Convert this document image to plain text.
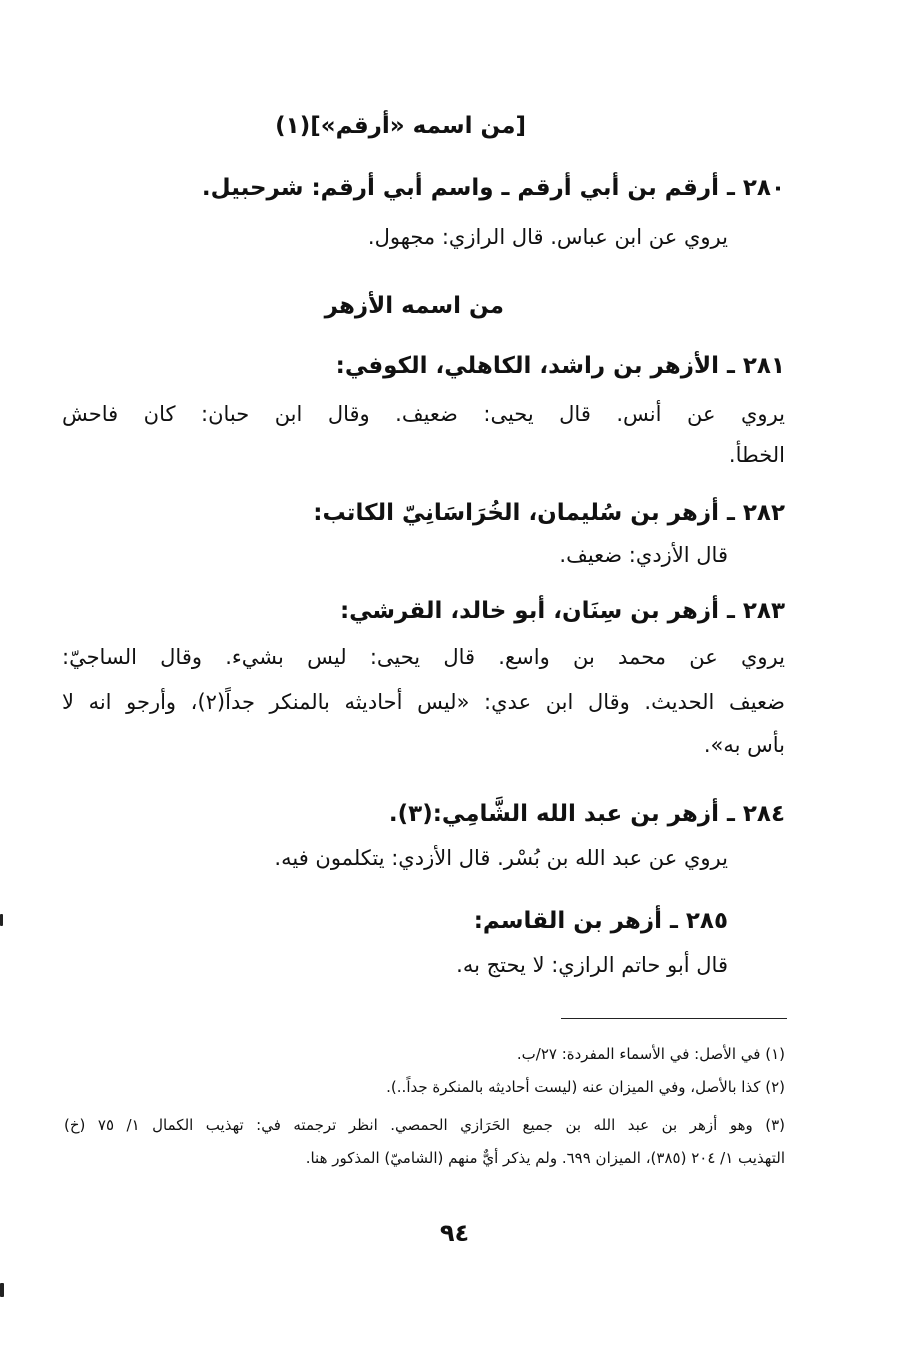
[من اسمه «أرقم»](١)
٢٨٠ ـ أرقم بن أبي أرقم ـ واسم أبي أرقم: شرحبيل.
يروي عن ابن عباس. قال الرازي: مجهول.
من اسمه الأزهر
٢٨١ ـ الأزهر بن راشد، الكاهلي، الكوفي:
يروي عن أنس. قال يحيى: ضعيف. وقال ابن حبان: كان فاحش
الخطأ.
٢٨٢ ـ أزهر بن سُليمان، الخُرَاسَانِيّ الكاتب:
قال الأزدي: ضعيف.
٢٨٣ ـ أزهر بن سِنَان، أبو خالد، القرشي:
يروي عن محمد بن واسع. قال يحيى: ليس بشيء. وقال الساجيّ:
ضعيف الحديث. وقال ابن عدي: «ليس أحاديثه بالمنكر جداً(٢)، وأرجو انه لا
بأس به».
٢٨٤ ـ أزهر بن عبد الله الشَّامِي:(٣).
يروي عن عبد الله بن بُسْر. قال الأزدي: يتكلمون فيه.
٢٨٥ ـ أزهر بن القاسم:
قال أبو حاتم الرازي: لا يحتج به.
(١) في الأصل: في الأسماء المفردة: ٢٧/ب.
(٢) كذا بالأصل، وفي الميزان عنه (ليست أحاديثه بالمنكرة جداً..).
(٣) وهو أزهر بن عبد الله بن جميع الحَرَازي الحمصي. انظر ترجمته في: تهذيب الكمال ١/ ٧٥ (خ)
التهذيب ١/ ٢٠٤ (٣٨٥)، الميزان ٦٩٩. ولم يذكر أيٌّ منهم (الشاميّ) المذكور هنا.
٩٤
